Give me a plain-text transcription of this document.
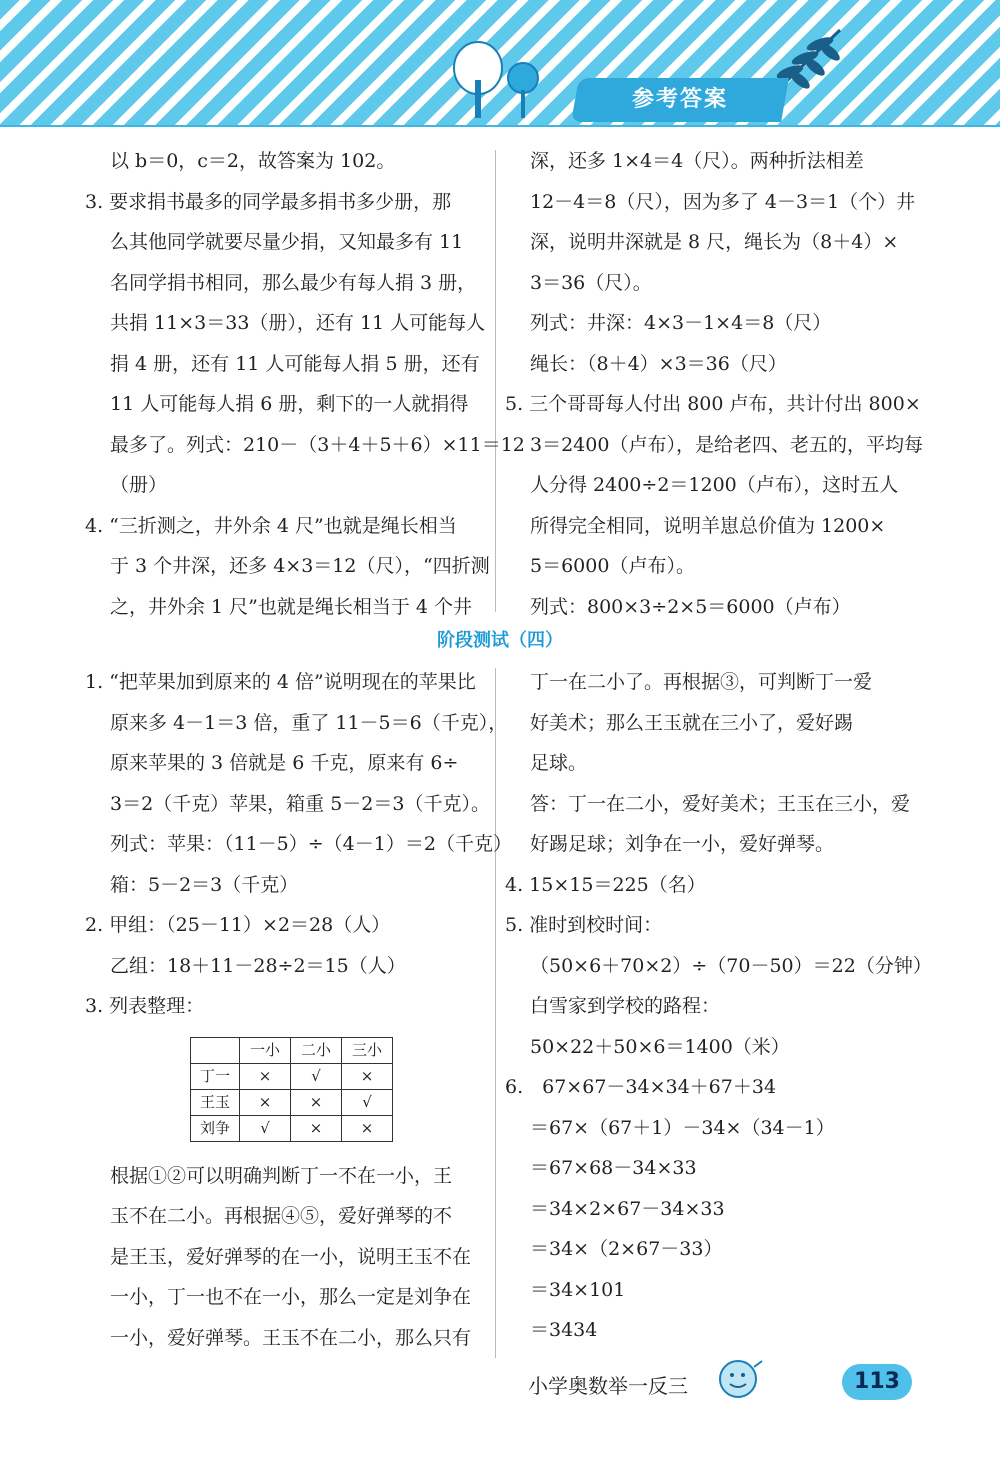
参考答案

以 b＝0，c＝2，故答案为 102。

3. 要求捐书最多的同学最多捐书多少册，那

么其他同学就要尽量少捐，又知最多有 11

名同学捐书相同，那么最少有每人捐 3 册，

共捐 11×3＝33（册），还有 11 人可能每人

捐 4 册，还有 11 人可能每人捐 5 册，还有

11 人可能每人捐 6 册，剩下的一人就捐得

最多了。列式：210－（3＋4＋5＋6）×11＝12

（册）

4. “三折测之，井外余 4 尺”也就是绳长相当

于 3 个井深，还多 4×3＝12（尺），“四折测

之，井外余 1 尺”也就是绳长相当于 4 个井

深，还多 1×4＝4（尺）。两种折法相差

12－4＝8（尺），因为多了 4－3＝1（个）井

深，说明井深就是 8 尺，绳长为（8＋4）×

3＝36（尺）。

列式：井深：4×3－1×4＝8（尺）

绳长：（8＋4）×3＝36（尺）

5. 三个哥哥每人付出 800 卢布，共计付出 800×

3＝2400（卢布），是给老四、老五的，平均每

人分得 2400÷2＝1200（卢布），这时五人

所得完全相同，说明羊崽总价值为 1200×

5＝6000（卢布）。

列式：800×3÷2×5＝6000（卢布）

阶段测试（四）

1. “把苹果加到原来的 4 倍”说明现在的苹果比

原来多 4－1＝3 倍，重了 11－5＝6（千克），

原来苹果的 3 倍就是 6 千克，原来有 6÷

3＝2（千克）苹果，箱重 5－2＝3（千克）。

列式：苹果：（11－5）÷（4－1）＝2（千克）

箱：5－2＝3（千克）

2. 甲组：（25－11）×2＝28（人）

乙组：18＋11－28÷2＝15（人）

3. 列表整理：

	一小	二小	三小
丁一	×	√	×
王玉	×	×	√
刘争	√	×	×

根据①②可以明确判断丁一不在一小，王

玉不在二小。再根据④⑤，爱好弹琴的不

是王玉，爱好弹琴的在一小，说明王玉不在

一小，丁一也不在一小，那么一定是刘争在

一小，爱好弹琴。王玉不在二小，那么只有

丁一在二小了。再根据③，可判断丁一爱

好美术；那么王玉就在三小了，爱好踢

足球。

答：丁一在二小，爱好美术；王玉在三小，爱

好踢足球；刘争在一小，爱好弹琴。

4. 15×15＝225（名）

5. 准时到校时间：

（50×6＋70×2）÷（70－50）＝22（分钟）

白雪家到学校的路程：

50×22＋50×6＝1400（米）

6.　67×67－34×34＋67＋34

＝67×（67＋1）－34×（34－1）

＝67×68－34×33

＝34×2×67－34×33

＝34×（2×67－33）

＝34×101

＝3434

小学奥数举一反三	113
